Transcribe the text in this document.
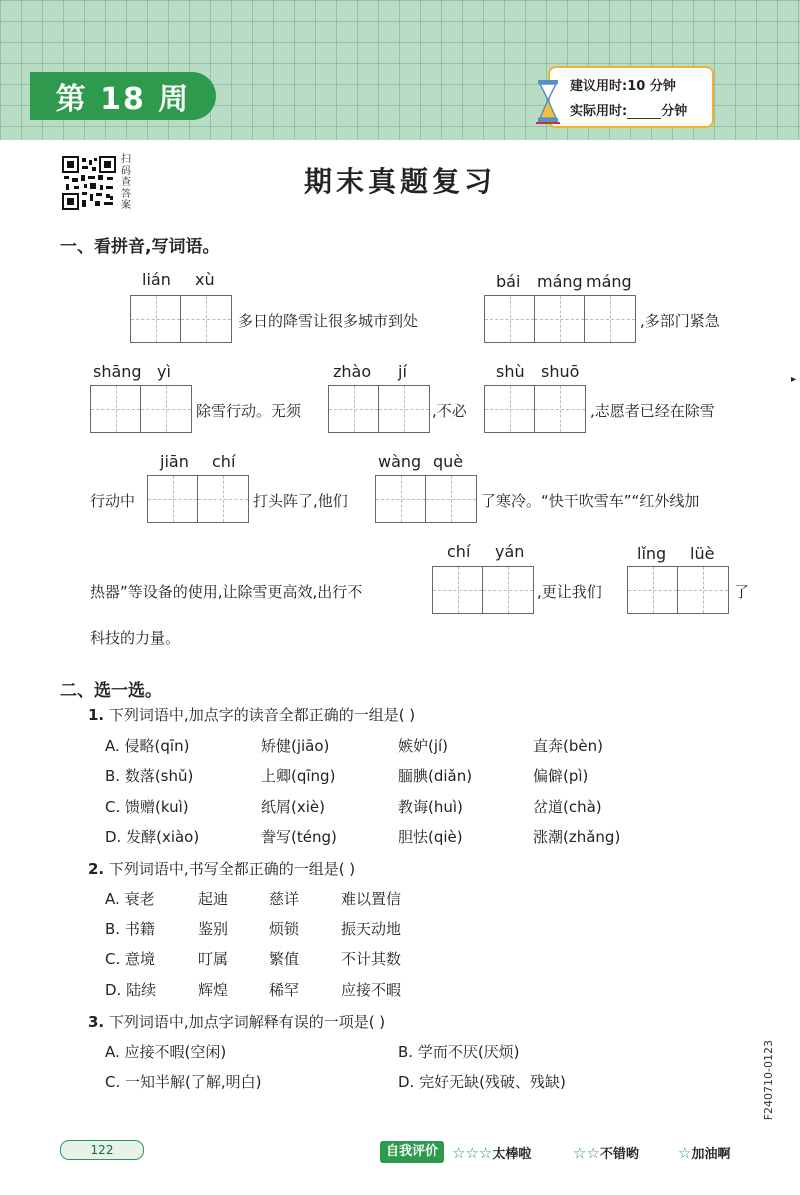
第 18 周	建议用时:10 分钟
实际用时:	分钟
扫码查答案
期末真题复习
一、看拼音,写词语。
lián xù
多日的降雪让很多城市到处
bái máng máng
,多部门紧急
shāng yì
除雪行动。无须
zhào jí
,不必
shù shuō
,志愿者已经在除雪
jiān chí
行动中	打头阵了,他们
wàng què
了寒冷。“快干吹雪车”“红外线加
chí yán
热器”等设备的使用,让除雪更高效,出行不	,更让我们
lǐng lüè
了
科技的力量。
二、选一选。
1. 下列词语中,加点字的读音全都正确的一组是( )
A. 侵略(qīn)	矫健(jiāo)	嫉妒(jí)	直奔(bèn)
B. 数落(shǔ)	上卿(qīng)	腼腆(diǎn)	偏僻(pì)
C. 馈赠(kuì)	纸屑(xiè)	教诲(huì)	岔道(chà)
D. 发酵(xiào)	誊写(téng)	胆怯(qiè)	涨潮(zhǎng)
2. 下列词语中,书写全都正确的一组是( )
A. 衰老	起迪	慈详	难以置信
B. 书籍	鉴别	烦锁	振天动地
C. 意境	叮属	繁值	不计其数
D. 陆续	辉煌	稀罕	应接不暇
3. 下列词语中,加点字词解释有误的一项是( )
A. 应接不暇(空闲)	B. 学而不厌(厌烦)
C. 一知半解(了解,明白)	D. 完好无缺(残破、残缺)	F240710-0123
▸
122	自我评价 ☆☆☆太棒啦	☆☆不错哟	☆加油啊
